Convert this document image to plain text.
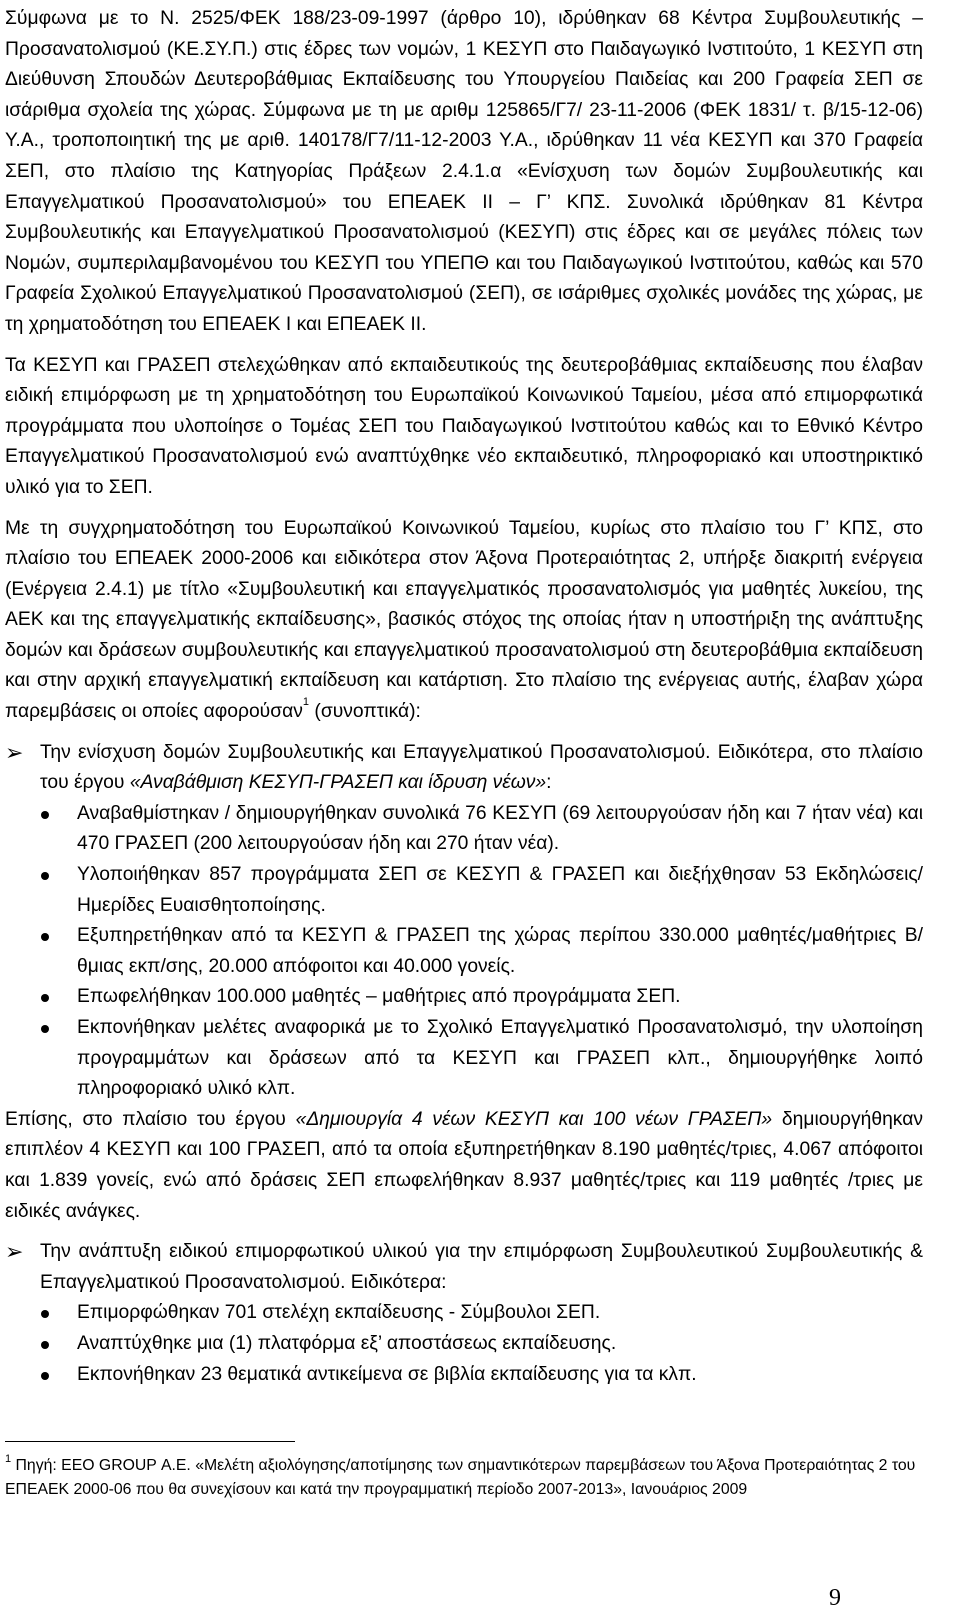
Σύμφωνα με το Ν. 2525/ΦΕΚ 188/23-09-1997 (άρθρο 10), ιδρύθηκαν 68 Κέντρα Συμβουλευτικής – Προσανατολισμού (ΚΕ.ΣΥ.Π.) στις έδρες των νομών, 1 ΚΕΣΥΠ στο Παιδαγωγικό Ινστιτούτο, 1 ΚΕΣΥΠ στη Διεύθυνση Σπουδών Δευτεροβάθμιας Εκπαίδευσης του Υπουργείου Παιδείας και 200 Γραφεία ΣΕΠ σε ισάριθμα σχολεία της χώρας. Σύμφωνα με τη με αριθμ 125865/Γ7/ 23-11-2006 (ΦΕΚ 1831/ τ. β/15-12-06) Υ.Α., τροποποιητική της με αριθ. 140178/Γ7/11-12-2003 Υ.Α., ιδρύθηκαν 11 νέα ΚΕΣΥΠ και 370 Γραφεία ΣΕΠ, στο πλαίσιο της Κατηγορίας Πράξεων 2.4.1.α «Ενίσχυση των δομών Συμβουλευτικής και Επαγγελματικού Προσανατολισμού» του ΕΠΕΑΕΚ ΙΙ – Γ’ ΚΠΣ. Συνολικά ιδρύθηκαν 81 Κέντρα Συμβουλευτικής και Επαγγελματικού Προσανατολισμού (ΚΕΣΥΠ) στις έδρες και σε μεγάλες πόλεις των Νομών, συμπεριλαμβανομένου του ΚΕΣΥΠ του ΥΠΕΠΘ και του Παιδαγωγικού Ινστιτούτου, καθώς και 570 Γραφεία Σχολικού Επαγγελματικού Προσανατολισμού (ΣΕΠ), σε ισάριθμες σχολικές μονάδες της χώρας, με τη χρηματοδότηση του ΕΠΕΑΕΚ Ι και ΕΠΕΑΕΚ ΙΙ.

Τα ΚΕΣΥΠ και ΓΡΑΣΕΠ στελεχώθηκαν από εκπαιδευτικούς της δευτεροβάθμιας εκπαίδευσης που έλαβαν ειδική επιμόρφωση με τη χρηματοδότηση του Ευρωπαϊκού Κοινωνικού Ταμείου, μέσα από επιμορφωτικά προγράμματα που υλοποίησε ο Τομέας ΣΕΠ του Παιδαγωγικού Ινστιτούτου καθώς και το Εθνικό Κέντρο Επαγγελματικού Προσανατολισμού ενώ αναπτύχθηκε νέο εκπαιδευτικό, πληροφοριακό και υποστηρικτικό υλικό για το ΣΕΠ.

Με τη συγχρηματοδότηση του Ευρωπαϊκού Κοινωνικού Ταμείου, κυρίως στο πλαίσιο του Γ’ ΚΠΣ, στο πλαίσιο του ΕΠΕΑΕΚ 2000-2006 και ειδικότερα στον Άξονα Προτεραιότητας 2, υπήρξε διακριτή ενέργεια (Ενέργεια 2.4.1) με τίτλο «Συμβουλευτική και επαγγελματικός προσανατολισμός για μαθητές λυκείου, της ΑΕΚ και της επαγγελματικής εκπαίδευσης», βασικός στόχος της οποίας ήταν η υποστήριξη της ανάπτυξης δομών και δράσεων συμβουλευτικής και επαγγελματικού προσανατολισμού στη δευτεροβάθμια εκπαίδευση και στην αρχική επαγγελματική εκπαίδευση και κατάρτιση. Στο πλαίσιο της ενέργειας αυτής, έλαβαν χώρα παρεμβάσεις οι οποίες αφορούσαν$^1$ (συνοπτικά):

➢ Την ενίσχυση δομών Συμβουλευτικής και Επαγγελματικού Προσανατολισμού. Ειδικότερα, στο πλαίσιο του έργου «Αναβάθμιση ΚΕΣΥΠ-ΓΡΑΣΕΠ και ίδρυση νέων»:

Αναβαθμίστηκαν / δημιουργήθηκαν συνολικά 76 ΚΕΣΥΠ (69 λειτουργούσαν ήδη και 7 ήταν νέα) και 470 ΓΡΑΣΕΠ (200 λειτουργούσαν ήδη και 270 ήταν νέα).
Υλοποιήθηκαν 857 προγράμματα ΣΕΠ σε ΚΕΣΥΠ & ΓΡΑΣΕΠ και διεξήχθησαν 53 Εκδηλώσεις/Ημερίδες Ευαισθητοποίησης.
Εξυπηρετήθηκαν από τα ΚΕΣΥΠ & ΓΡΑΣΕΠ της χώρας περίπου 330.000 μαθητές/μαθήτριες Β/θμιας εκπ/σης, 20.000 απόφοιτοι και 40.000 γονείς.
Επωφελήθηκαν 100.000 μαθητές – μαθήτριες από προγράμματα ΣΕΠ.
Εκπονήθηκαν μελέτες αναφορικά με το Σχολικό Επαγγελματικό Προσανατολισμό, την υλοποίηση προγραμμάτων και δράσεων από τα ΚΕΣΥΠ και ΓΡΑΣΕΠ κλπ., δημιουργήθηκε λοιπό πληροφοριακό υλικό κλπ.

Επίσης, στο πλαίσιο του έργου «Δημιουργία 4 νέων ΚΕΣΥΠ και 100 νέων ΓΡΑΣΕΠ» δημιουργήθηκαν επιπλέον 4 ΚΕΣΥΠ και 100 ΓΡΑΣΕΠ, από τα οποία εξυπηρετήθηκαν 8.190 μαθητές/τριες, 4.067 απόφοιτοι και 1.839 γονείς, ενώ από δράσεις ΣΕΠ επωφελήθηκαν 8.937 μαθητές/τριες και 119 μαθητές /τριες με ειδικές ανάγκες.

➢ Την ανάπτυξη ειδικού επιμορφωτικού υλικού για την επιμόρφωση Συμβουλευτικού Συμβουλευτικής & Επαγγελματικού Προσανατολισμού. Ειδικότερα:

Επιμορφώθηκαν 701 στελέχη εκπαίδευσης - Σύμβουλοι ΣΕΠ.
Αναπτύχθηκε μια (1) πλατφόρμα εξ’ αποστάσεως εκπαίδευσης.
Εκπονήθηκαν 23 θεματικά αντικείμενα σε βιβλία εκπαίδευσης για τα κλπ.

$^1$ Πηγή: ΕΕΟ GROUP Α.Ε. «Μελέτη αξιολόγησης/αποτίμησης των σημαντικότερων παρεμβάσεων του Άξονα Προτεραιότητας 2 του ΕΠΕΑΕΚ 2000-06 που θα συνεχίσουν και κατά την προγραμματική περίοδο 2007-2013», Ιανουάριος 2009

9
